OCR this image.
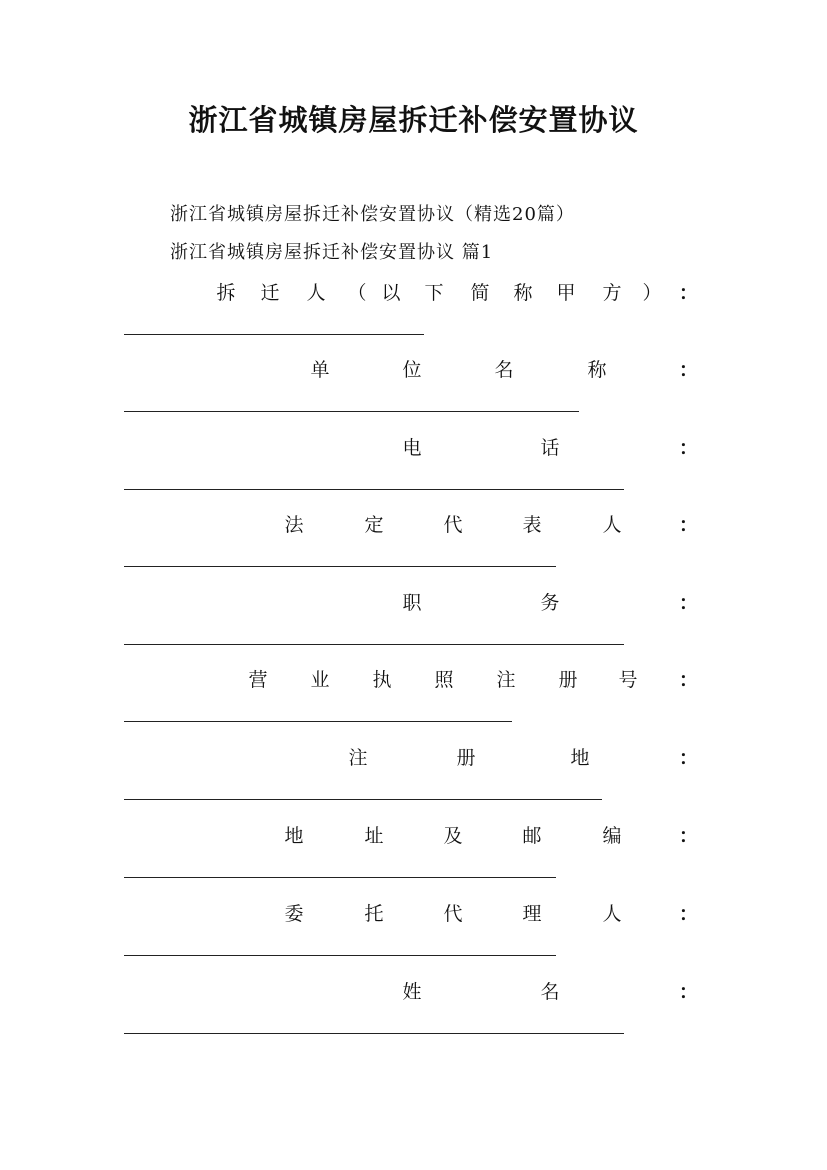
浙江省城镇房屋拆迁补偿安置协议
浙江省城镇房屋拆迁补偿安置协议（精选20篇）
浙江省城镇房屋拆迁补偿安置协议 篇1
拆 迁 人 （ 以 下 简 称 甲 方 ） ：
单	位	名	称	：
电	话	：
法	定	代	表	人	：
职	务	：
营 业 执 照 注 册 号 ：
注	册	地	：
地	址	及	邮	编	：
委	托	代	理	人	：
姓	名	：
